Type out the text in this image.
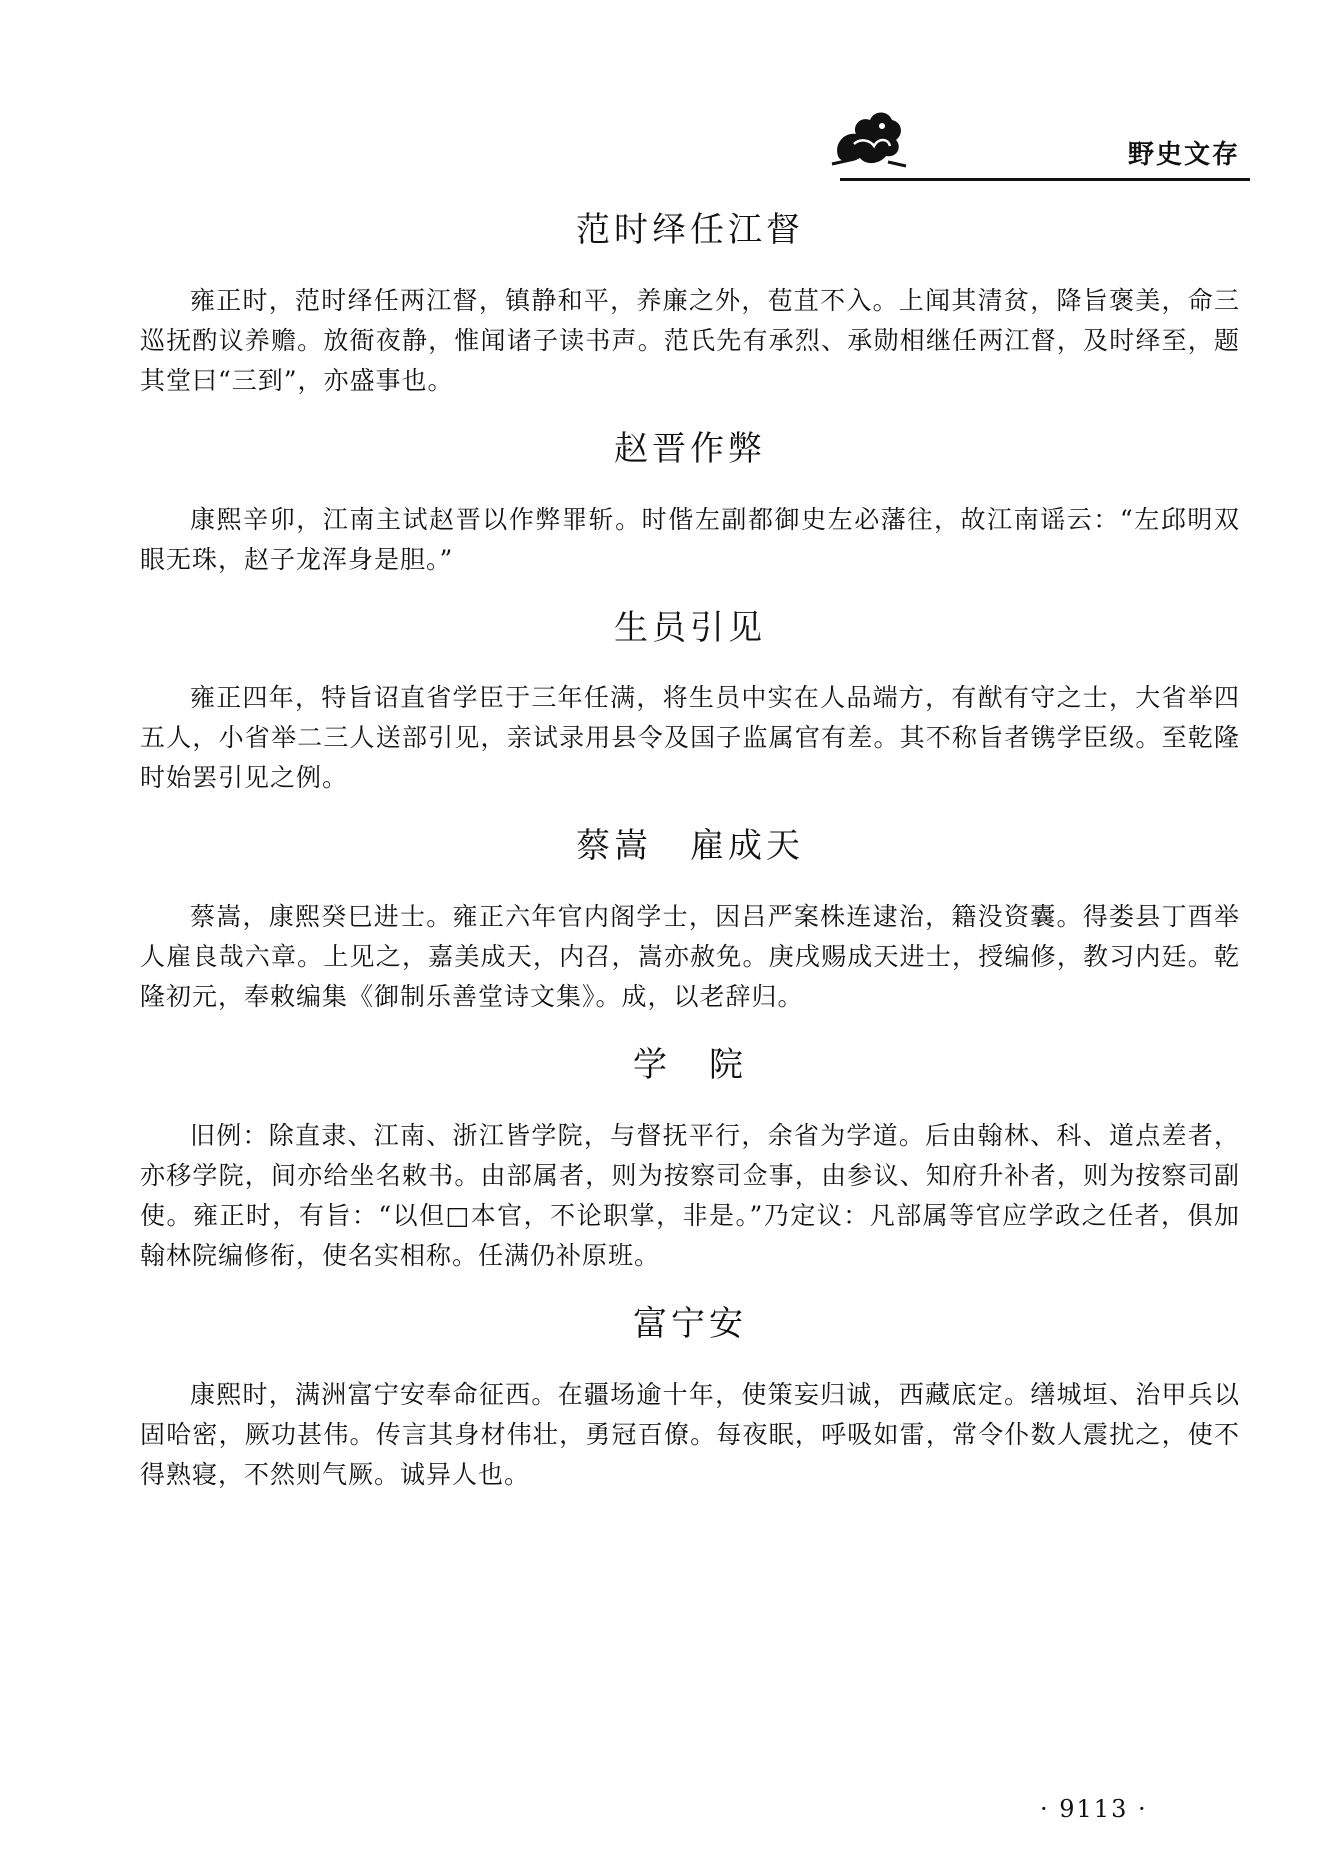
野史文存
范时绎任江督

雍正时，范时绎任两江督，镇静和平，养廉之外，苞苴不入。上闻其清贫，降旨褒美，命三巡抚酌议养赡。放衙夜静，惟闻诸子读书声。范氏先有承烈、承勋相继任两江督，及时绎至，题其堂曰“三到”，亦盛事也。

赵晋作弊

康熙辛卯，江南主试赵晋以作弊罪斩。时偕左副都御史左必藩往，故江南谣云：“左邱明双眼无珠，赵子龙浑身是胆。”

生员引见

雍正四年，特旨诏直省学臣于三年任满，将生员中实在人品端方，有猷有守之士，大省举四五人，小省举二三人送部引见，亲试录用县令及国子监属官有差。其不称旨者镌学臣级。至乾隆时始罢引见之例。

蔡嵩　雇成天

蔡嵩，康熙癸巳进士。雍正六年官内阁学士，因吕严案株连逮治，籍没资囊。得娄县丁酉举人雇良哉六章。上见之，嘉美成天，内召，嵩亦赦免。庚戌赐成天进士，授编修，教习内廷。乾隆初元，奉敕编集《御制乐善堂诗文集》。成，以老辞归。

学　院

旧例：除直隶、江南、浙江皆学院，与督抚平行，余省为学道。后由翰林、科、道点差者，亦移学院，间亦给坐名敕书。由部属者，则为按察司佥事，由参议、知府升补者，则为按察司副使。雍正时，有旨：“以但□本官，不论职掌，非是。”乃定议：凡部属等官应学政之任者，俱加翰林院编修衔，使名实相称。任满仍补原班。

富宁安

康熙时，满洲富宁安奉命征西。在疆场逾十年，使策妄归诚，西藏底定。缮城垣、治甲兵以固哈密，厥功甚伟。传言其身材伟壮，勇冠百僚。每夜眠，呼吸如雷，常令仆数人震扰之，使不得熟寝，不然则气厥。诚异人也。

· 9113 ·
